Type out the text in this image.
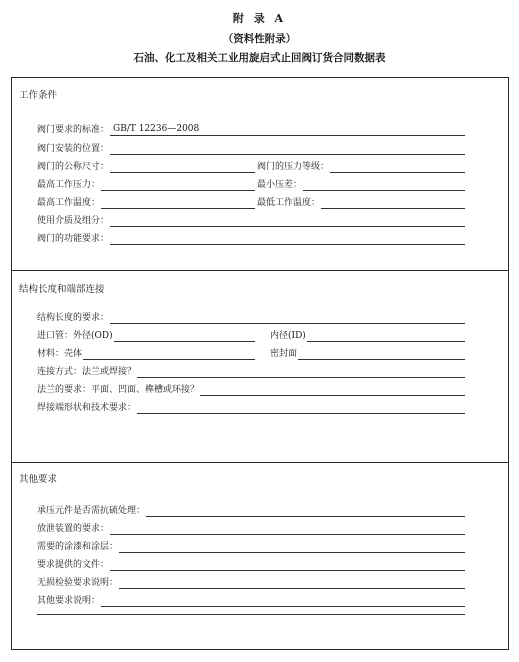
附 录 A
（资料性附录）
石油、化工及相关工业用旋启式止回阀订货合同数据表
工作条件
阀门要求的标准： GB/T 12236—2008
阀门安装的位置：
阀门的公称尺寸：	阀门的压力等级：
最高工作压力：	最小压差：
最高工作温度：	最低工作温度：
使用介质及组分：
阀门的功能要求：
结构长度和端部连接
结构长度的要求：
进口管：外径(OD)	内径(ID)
材料：壳体	密封面
连接方式：法兰或焊接？
法兰的要求：平面、凹面、榫槽或环接？
焊接端形状和技术要求：
其他要求
承压元件是否需抗硫处理：
放泄装置的要求：
需要的涂漆和涂层：
要求提供的文件：
无损检验要求说明：
其他要求说明：
